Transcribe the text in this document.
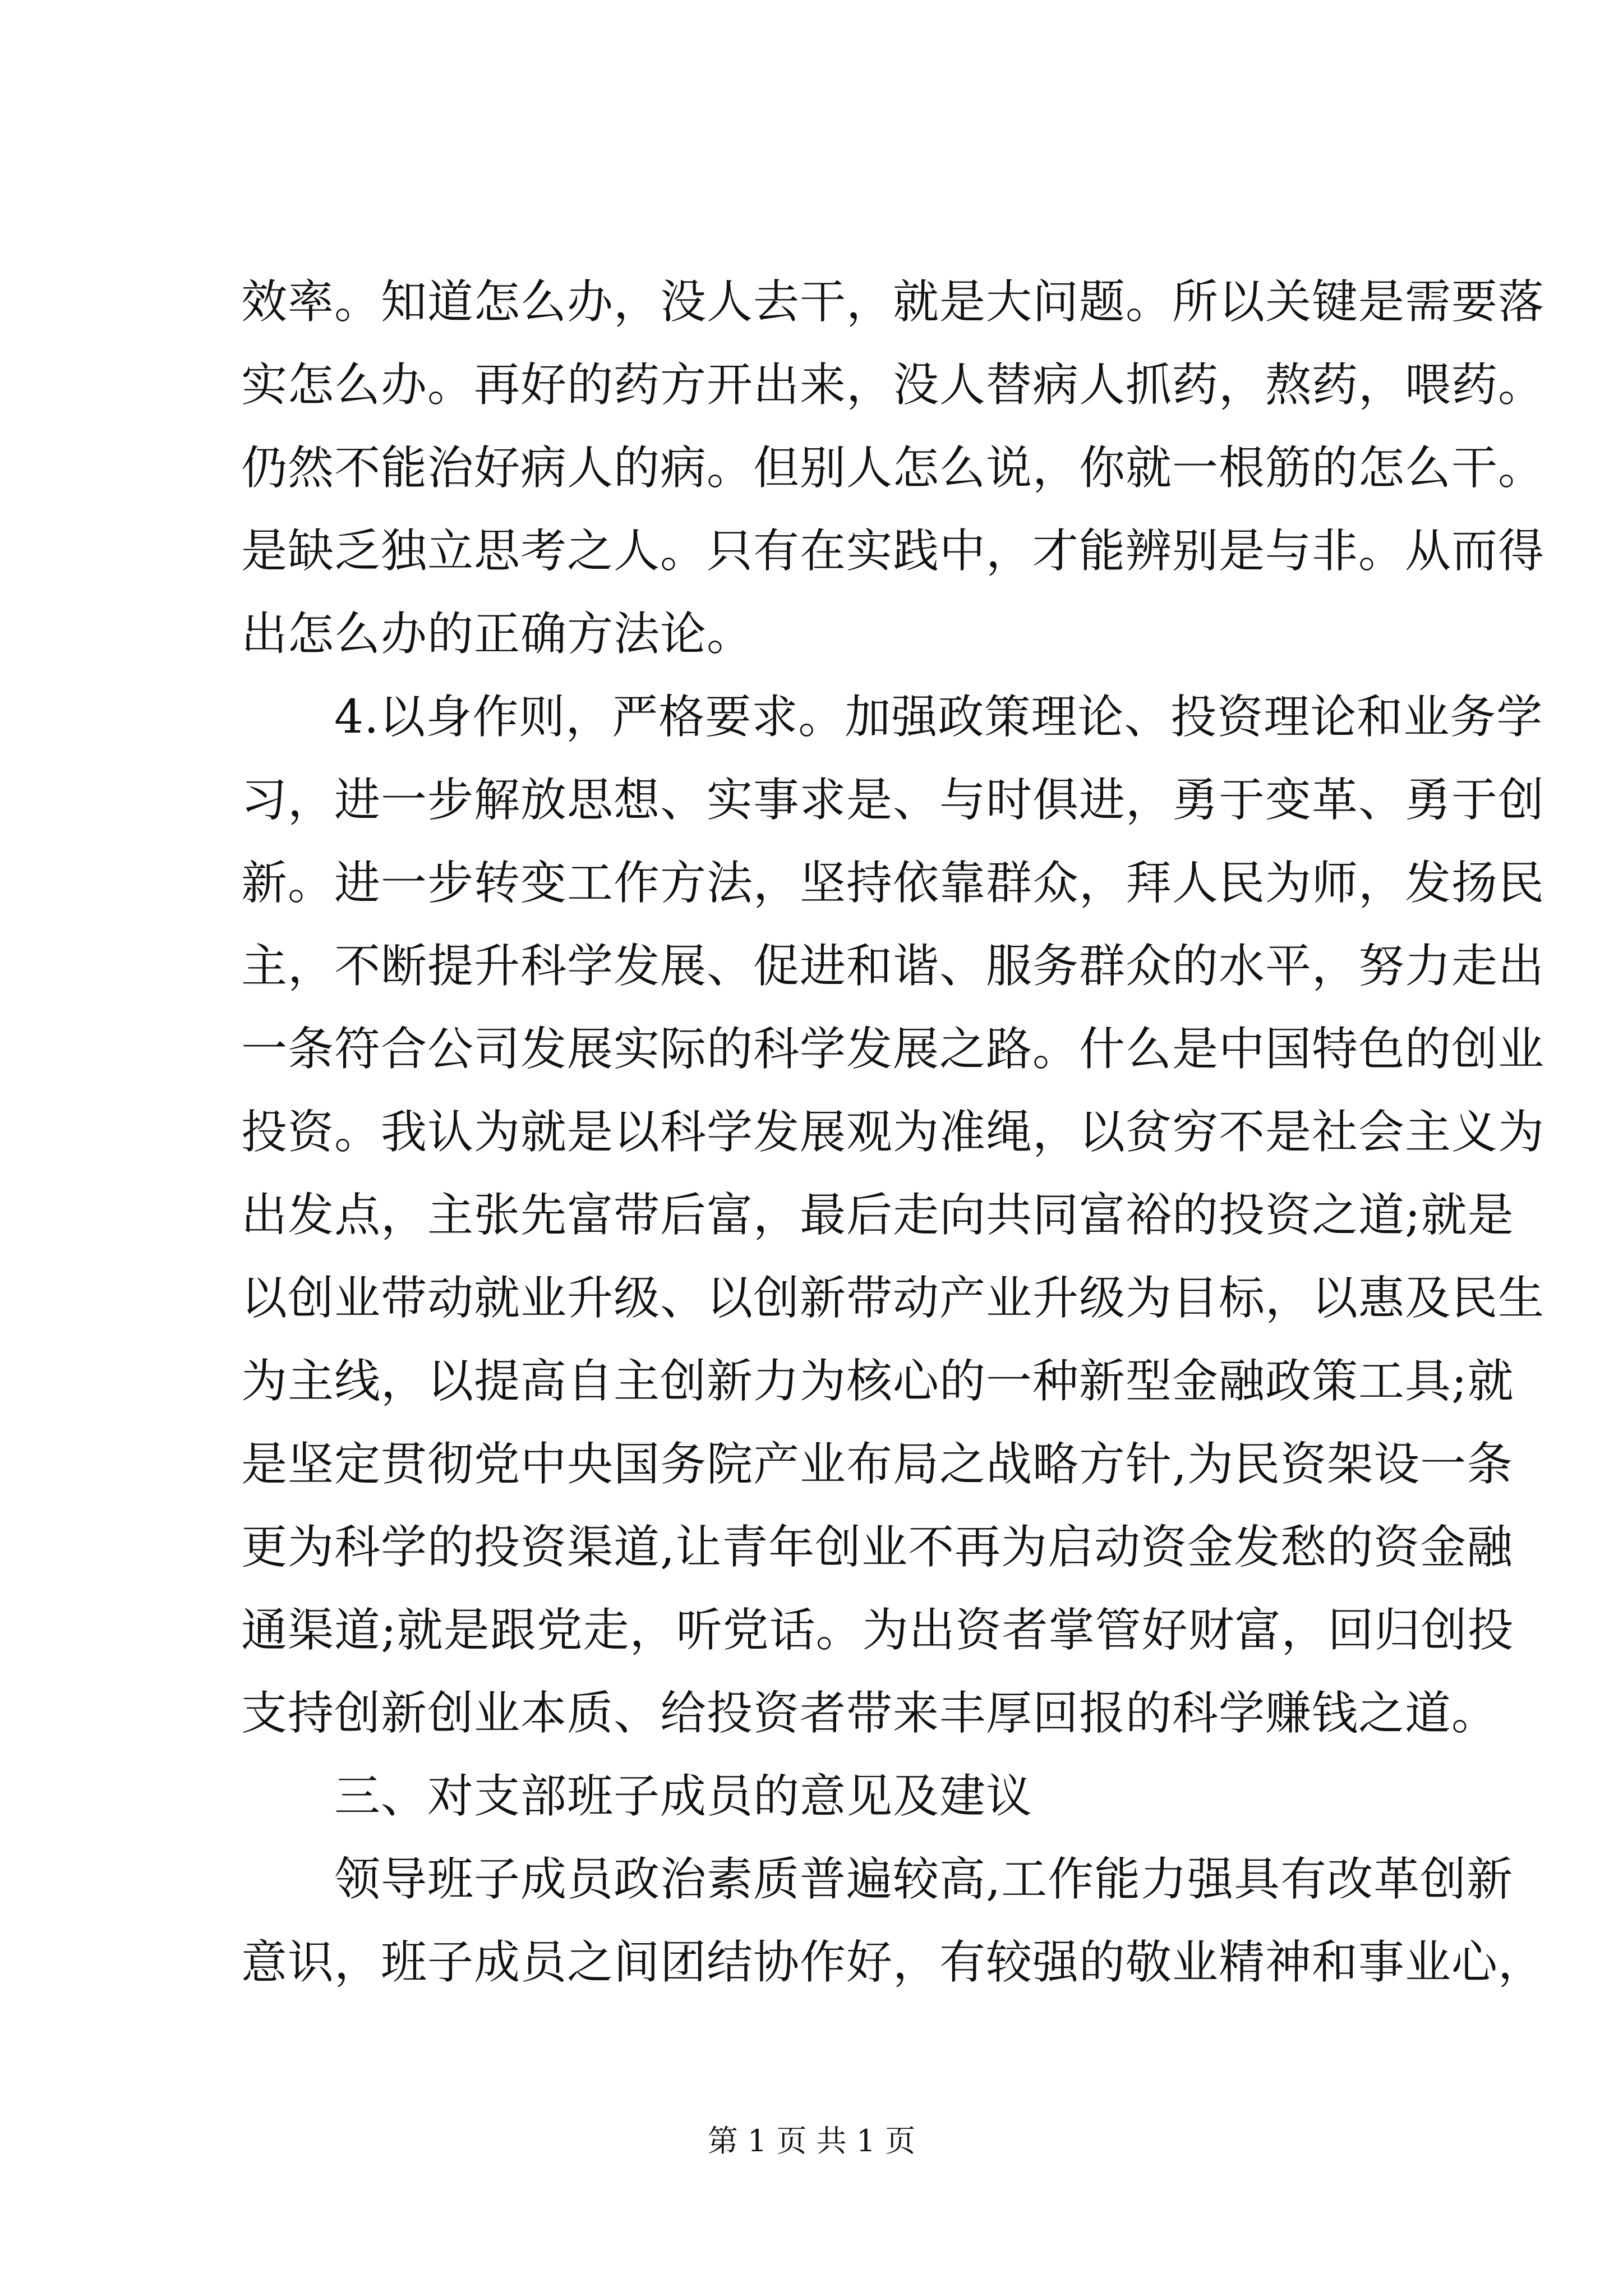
效率。知道怎么办，没人去干，就是大问题。所以关键是需要落
实怎么办。再好的药方开出来，没人替病人抓药，熬药，喂药。
仍然不能治好病人的病。但别人怎么说，你就一根筋的怎么干。
是缺乏独立思考之人。只有在实践中，才能辨别是与非。从而得
出怎么办的正确方法论。
4.以身作则，严格要求。加强政策理论、投资理论和业务学
习，进一步解放思想、实事求是、与时俱进，勇于变革、勇于创
新。进一步转变工作方法，坚持依靠群众，拜人民为师，发扬民
主，不断提升科学发展、促进和谐、服务群众的水平，努力走出
一条符合公司发展实际的科学发展之路。什么是中国特色的创业
投资。我认为就是以科学发展观为准绳，以贫穷不是社会主义为
出发点，主张先富带后富，最后走向共同富裕的投资之道;就是
以创业带动就业升级、以创新带动产业升级为目标，以惠及民生
为主线，以提高自主创新力为核心的一种新型金融政策工具;就
是坚定贯彻党中央国务院产业布局之战略方针,为民资架设一条
更为科学的投资渠道,让青年创业不再为启动资金发愁的资金融
通渠道;就是跟党走，听党话。为出资者掌管好财富，回归创投
支持创新创业本质、给投资者带来丰厚回报的科学赚钱之道。
三、对支部班子成员的意见及建议
领导班子成员政治素质普遍较高,工作能力强具有改革创新
意识，班子成员之间团结协作好，有较强的敬业精神和事业心，
第 1 页 共 1 页
